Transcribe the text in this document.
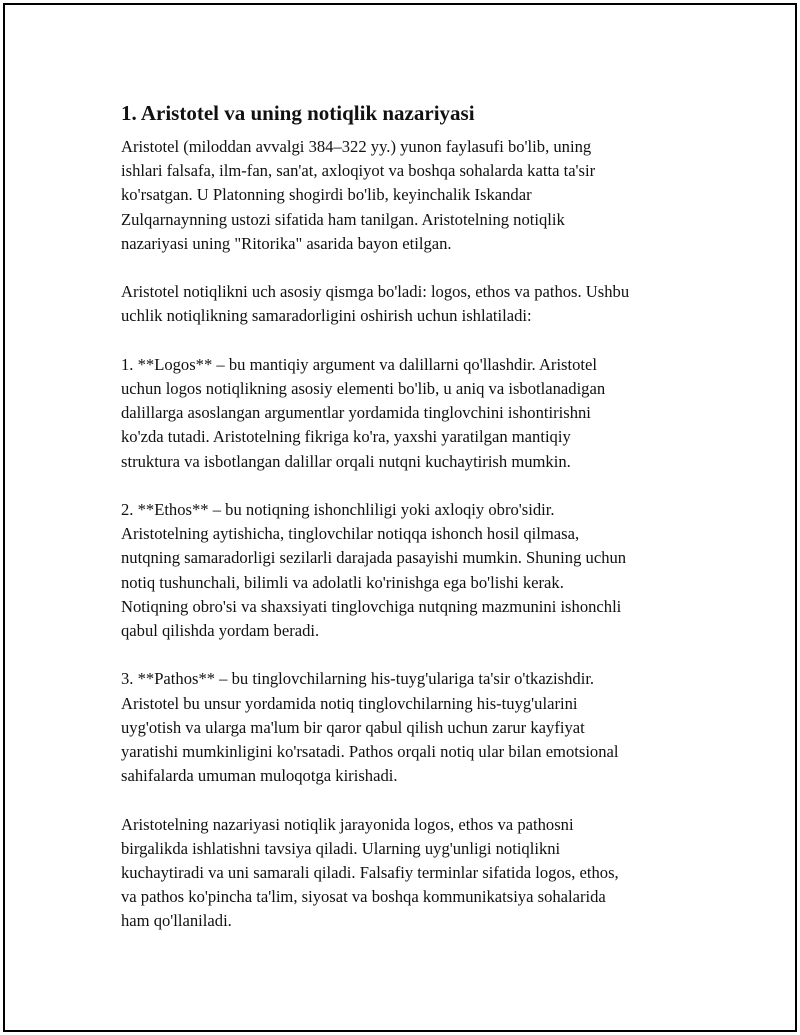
1. Aristotel va uning notiqlik nazariyasi

Aristotel (miloddan avvalgi 384–322 yy.) yunon faylasufi bo'lib, uning
ishlari falsafa, ilm-fan, san'at, axloqiyot va boshqa sohalarda katta ta'sir
ko'rsatgan. U Platonning shogirdi bo'lib, keyinchalik Iskandar
Zulqarnaynning ustozi sifatida ham tanilgan. Aristotelning notiqlik
nazariyasi uning "Ritorika" asarida bayon etilgan.

Aristotel notiqlikni uch asosiy qismga bo'ladi: logos, ethos va pathos. Ushbu
uchlik notiqlikning samaradorligini oshirish uchun ishlatiladi:

1. **Logos** – bu mantiqiy argument va dalillarni qo'llashdir. Aristotel
uchun logos notiqlikning asosiy elementi bo'lib, u aniq va isbotlanadigan
dalillarga asoslangan argumentlar yordamida tinglovchini ishontirishni
ko'zda tutadi. Aristotelning fikriga ko'ra, yaxshi yaratilgan mantiqiy
struktura va isbotlangan dalillar orqali nutqni kuchaytirish mumkin.

2. **Ethos** – bu notiqning ishonchliligi yoki axloqiy obro'sidir.
Aristotelning aytishicha, tinglovchilar notiqqa ishonch hosil qilmasa,
nutqning samaradorligi sezilarli darajada pasayishi mumkin. Shuning uchun
notiq tushunchali, bilimli va adolatli ko'rinishga ega bo'lishi kerak.
Notiqning obro'si va shaxsiyati tinglovchiga nutqning mazmunini ishonchli
qabul qilishda yordam beradi.

3. **Pathos** – bu tinglovchilarning his-tuyg'ulariga ta'sir o'tkazishdir.
Aristotel bu unsur yordamida notiq tinglovchilarning his-tuyg'ularini
uyg'otish va ularga ma'lum bir qaror qabul qilish uchun zarur kayfiyat
yaratishi mumkinligini ko'rsatadi. Pathos orqali notiq ular bilan emotsional
sahifalarda umuman muloqotga kirishadi.

Aristotelning nazariyasi notiqlik jarayonida logos, ethos va pathosni
birgalikda ishlatishni tavsiya qiladi. Ularning uyg'unligi notiqlikni
kuchaytiradi va uni samarali qiladi. Falsafiy terminlar sifatida logos, ethos,
va pathos ko'pincha ta'lim, siyosat va boshqa kommunikatsiya sohalarida
ham qo'llaniladi.
